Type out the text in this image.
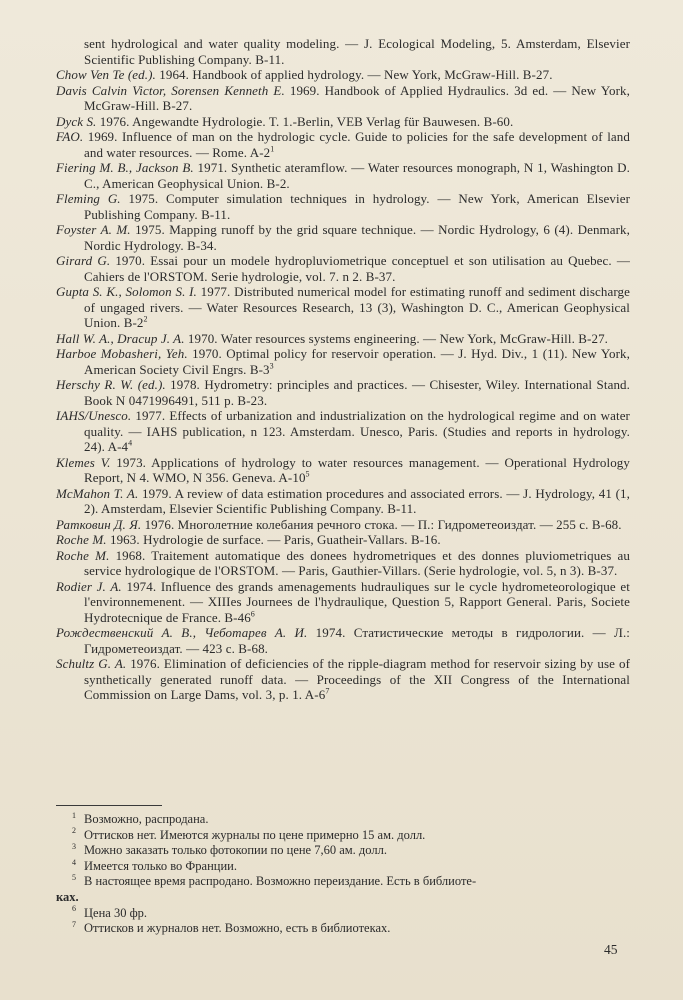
sent hydrological and water quality modeling. — J. Ecological Modeling, 5. Amsterdam, Elsevier Scientific Publishing Company. B-11.
Chow Ven Te (ed.). 1964. Handbook of applied hydrology. — New York, McGraw-Hill. B-27.
Davis Calvin Victor, Sorensen Kenneth E. 1969. Handbook of Applied Hydraulics. 3d ed. — New York, McGraw-Hill. B-27.
Dyck S. 1976. Angewandte Hydrologie. T. 1.-Berlin, VEB Verlag für Bauwesen. B-60.
FAO. 1969. Influence of man on the hydrologic cycle. Guide to policies for the safe development of land and water resources. — Rome. $A-2^1$
Fiering M. B., Jackson B. 1971. Synthetic ateramflow. — Water resources monograph, N 1, Washington D. C., American Geophysical Union. B-2.
Fleming G. 1975. Computer simulation techniques in hydrology. — New York, American Elsevier Publishing Company. B-11.
Foyster A. M. 1975. Mapping runoff by the grid square technique. — Nordic Hydrology, 6 (4). Denmark, Nordic Hydrology. B-34.
Girard G. 1970. Essai pour un modele hydropluviometrique conceptuel et son utilisation au Quebec. — Cahiers de l'ORSTOM. Serie hydrologie, vol. 7. n 2. B-37.
Gupta S. K., Solomon S. I. 1977. Distributed numerical model for estimating runoff and sediment discharge of ungaged rivers. — Water Resources Research, 13 (3), Washington D. C., American Geophysical Union. $B-2^2$
Hall W. A., Dracup J. A. 1970. Water resources systems engineering. — New York, McGraw-Hill. B-27.
Harboe Mobasheri, Yeh. 1970. Optimal policy for reservoir operation. — J. Hyd. Div., 1 (11). New York, American Society Civil Engrs. $B-3^3$
Herschy R. W. (ed.). 1978. Hydrometry: principles and practices. — Chisester, Wiley. International Stand. Book N 0471996491, 511 p. B-23.
IAHS/Unesco. 1977. Effects of urbanization and industrialization on the hydrological regime and on water quality. — IAHS publication, n 123. Amsterdam. Unesco, Paris. (Studies and reports in hydrology. 24). $A-4^4$
Klemes V. 1973. Applications of hydrology to water resources management. — Operational Hydrology Report, N 4. WMO, N 356. Geneva. $A-10^5$
McMahon T. A. 1979. A review of data estimation procedures and associated errors. — J. Hydrology, 41 (1, 2). Amsterdam, Elsevier Scientific Publishing Company. B-11.
Ратковин Д. Я. 1976. Многолетние колебания речного стока. — П.: Гидрометеоиздат. — 255 с. В-68.
Roche M. 1963. Hydrologie de surface. — Paris, Guatheir-Vallars. B-16.
Roche M. 1968. Traitement automatique des donees hydrometriques et des donnes pluviometriques au service hydrologique de l'ORSTOM. — Paris, Gauthier-Villars. (Serie hydrologie, vol. 5, n 3). B-37.
Rodier J. A. 1974. Influence des grands amenagements hudrauliques sur le cycle hydrometeorologique et l'environnemenent. — XIIIes Journees de l'hydraulique, Question 5, Rapport General. Paris, Societe Hydrotecnique de France. $B-46^6$
Рождественский А. В., Чеботарев А. И. 1974. Статистические методы в гидрологии. — Л.: Гидрометеоиздат. — 423 с. В-68.
Schultz G. A. 1976. Elimination of deficiencies of the ripple-diagram method for reservoir sizing by use of synthetically generated runoff data. — Proceedings of the XII Congress of the International Commission on Large Dams, vol. 3, p. 1. $A-6^7$
1 Возможно, распродана.
2 Оттисков нет. Имеются журналы по цене примерно 15 ам. долл.
3 Можно заказать только фотокопии по цене 7,60 ам. долл.
4 Имеется только во Франции.
5 В настоящее время распродано. Возможно переиздание. Есть в библиоте-
ках.
6 Цена 30 фр.
7 Оттисков и журналов нет. Возможно, есть в библиотеках.
45
